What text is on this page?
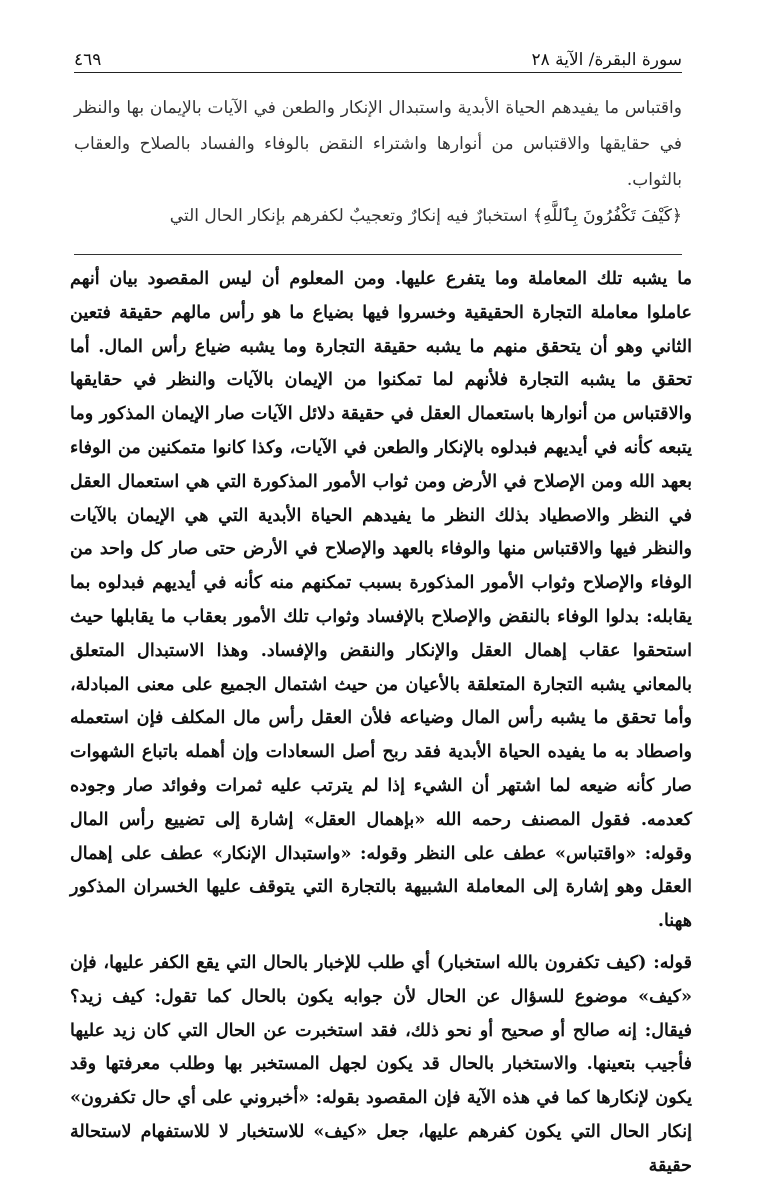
سورة البقرة/ الآية ٢٨
٤٦٩

واقتباس ما يفيدهم الحياة الأبدية واستبدال الإنكار والطعن في الآيات بالإيمان بها والنظر في حقايقها والاقتباس من أنوارها واشتراء النقض بالوفاء والفساد بالصلاح والعقاب بالثواب.

﴿كَيْفَ تَكْفُرُونَ بِٱللَّهِ﴾ استخبارٌ فيه إنكارٌ وتعجيبٌ لكفرهم بإنكار الحال التي

ما يشبه تلك المعاملة وما يتفرع عليها. ومن المعلوم أن ليس المقصود بيان أنهم عاملوا معاملة التجارة الحقيقية وخسروا فيها بضياع ما هو رأس مالهم حقيقة فتعين الثاني وهو أن يتحقق منهم ما يشبه حقيقة التجارة وما يشبه ضياع رأس المال. أما تحقق ما يشبه التجارة فلأنهم لما تمكنوا من الإيمان بالآيات والنظر في حقايقها والاقتباس من أنوارها باستعمال العقل في حقيقة دلائل الآيات صار الإيمان المذكور وما يتبعه كأنه في أيديهم فبدلوه بالإنكار والطعن في الآيات، وكذا كانوا متمكنين من الوفاء بعهد الله ومن الإصلاح في الأرض ومن ثواب الأمور المذكورة التي هي استعمال العقل في النظر والاصطياد بذلك النظر ما يفيدهم الحياة الأبدية التي هي الإيمان بالآيات والنظر فيها والاقتباس منها والوفاء بالعهد والإصلاح في الأرض حتى صار كل واحد من الوفاء والإصلاح وثواب الأمور المذكورة بسبب تمكنهم منه كأنه في أيديهم فبدلوه بما يقابله: بدلوا الوفاء بالنقض والإصلاح بالإفساد وثواب تلك الأمور بعقاب ما يقابلها حيث استحقوا عقاب إهمال العقل والإنكار والنقض والإفساد. وهذا الاستبدال المتعلق بالمعاني يشبه التجارة المتعلقة بالأعيان من حيث اشتمال الجميع على معنى المبادلة، وأما تحقق ما يشبه رأس المال وضياعه فلأن العقل رأس مال المكلف فإن استعمله واصطاد به ما يفيده الحياة الأبدية فقد ربح أصل السعادات وإن أهمله باتباع الشهوات صار كأنه ضيعه لما اشتهر أن الشيء إذا لم يترتب عليه ثمرات وفوائد صار وجوده كعدمه. فقول المصنف رحمه الله «بإهمال العقل» إشارة إلى تضييع رأس المال وقوله: «واقتباس» عطف على النظر وقوله: «واستبدال الإنكار» عطف على إهمال العقل وهو إشارة إلى المعاملة الشبيهة بالتجارة التي يتوقف عليها الخسران المذكور ههنا.

قوله: (كيف تكفرون بالله استخبار) أي طلب للإخبار بالحال التي يقع الكفر عليها، فإن «كيف» موضوع للسؤال عن الحال لأن جوابه يكون بالحال كما تقول: كيف زيد؟ فيقال: إنه صالح أو صحيح أو نحو ذلك، فقد استخبرت عن الحال التي كان زيد عليها فأجيب بتعينها. والاستخبار بالحال قد يكون لجهل المستخبر بها وطلب معرفتها وقد يكون لإنكارها كما في هذه الآية فإن المقصود بقوله: «أخبروني على أي حال تكفرون» إنكار الحال التي يكون كفرهم عليها، جعل «كيف» للاستخبار لا للاستفهام لاستحالة حقيقة
